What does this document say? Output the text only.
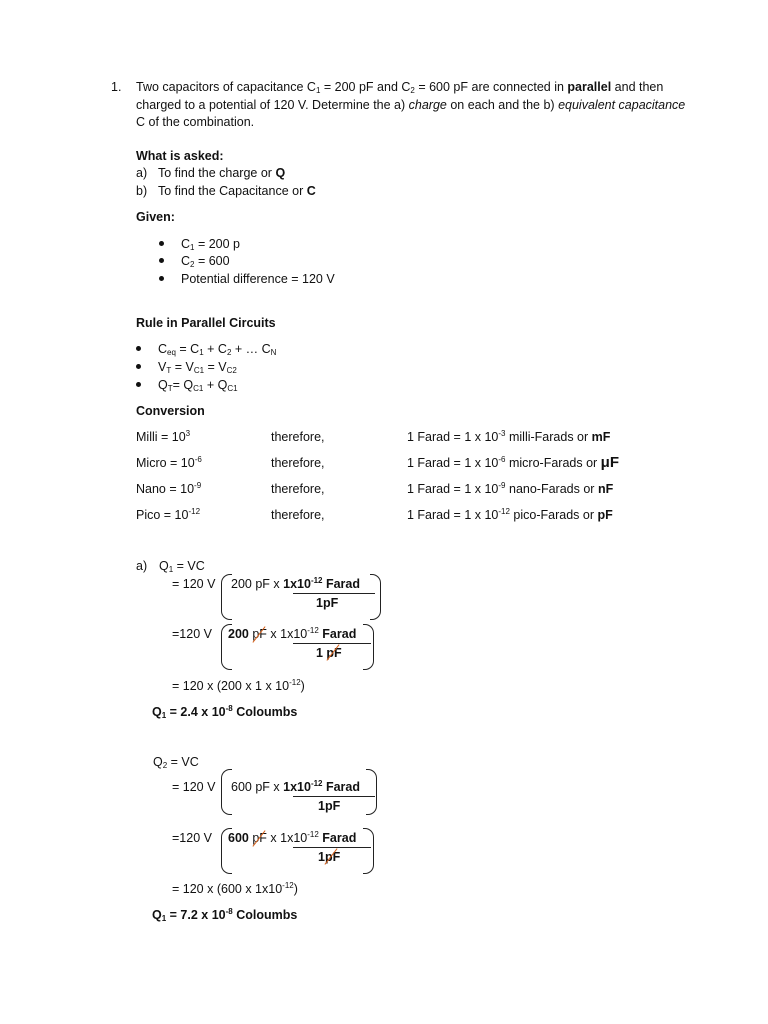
1. Two capacitors of capacitance $C_1 = 200$ pF and $C_2 = 600$ pF are connected in parallel and then charged to a potential of 120 V. Determine the a) charge on each and the b) equivalent capacitance C of the combination.
What is asked:
a) To find the charge or Q
b) To find the Capacitance or C
Given:
$C_1 = 200$ p
$C_2 = 600$
Potential difference = 120 V
Rule in Parallel Circuits
$C_{eq} = C_1 + C_2$ + … $C_N$
$V_T = V_{C1} = V_{C2}$
$Q_T= Q_{C1} + Q_{C1}$
Conversion
Milli = $10^3$	therefore,	1 Farad = 1 x $10^{-3}$ milli-Farads or mF
Micro = $10^{-6}$	therefore,	1 Farad = 1 x $10^{-6}$ micro-Farads or μF
Nano = $10^{-9}$	therefore,	1 Farad = 1 x $10^{-9}$ nano-Farads or nF
Pico = $10^{-12}$	therefore,	1 Farad = 1 x $10^{-12}$ pico-Farads or pF
a) $Q_1$ = VC
= 120 V 200 pF x $1x10^{-12}$ Farad
1pF
=120 V 200 pF x $1x10^{-12}$ Farad
1 pF
= 120 x (200 x 1 x $10^{-12}$)
$Q_1 = 2.4$ x $10^{-8}$ Coloumbs
$Q_2$ = VC
= 120 V 600 pF x $1x10^{-12}$ Farad
1pF
=120 V 600 pF x $1x10^{-12}$ Farad
1pF
= 120 x (600 x $1x10^{-12}$)
$Q_1 = 7.2$ x $10^{-8}$ Coloumbs
